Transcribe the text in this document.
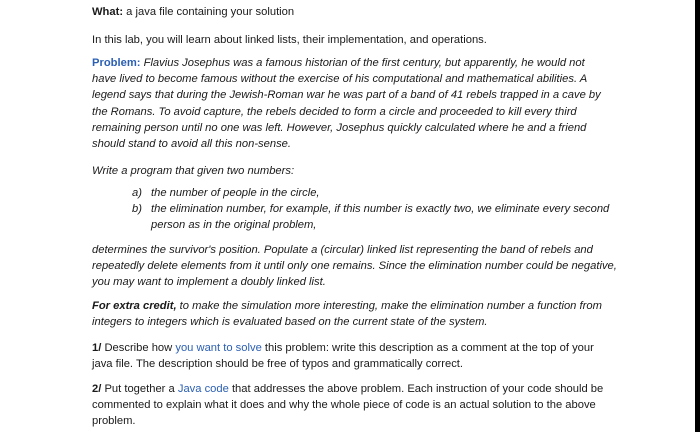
What: a java file containing your solution

In this lab, you will learn about linked lists, their implementation, and operations.

Problem: Flavius Josephus was a famous historian of the first century, but apparently, he would not have lived to become famous without the exercise of his computational and mathematical abilities. A legend says that during the Jewish-Roman war he was part of a band of 41 rebels trapped in a cave by the Romans. To avoid capture, the rebels decided to form a circle and proceeded to kill every third remaining person until no one was left. However, Josephus quickly calculated where he and a friend should stand to avoid all this non-sense.

Write a program that given two numbers:

a) the number of people in the circle,
b) the elimination number, for example, if this number is exactly two, we eliminate every second person as in the original problem,

determines the survivor's position. Populate a (circular) linked list representing the band of rebels and repeatedly delete elements from it until only one remains. Since the elimination number could be negative, you may want to implement a doubly linked list.

For extra credit, to make the simulation more interesting, make the elimination number a function from integers to integers which is evaluated based on the current state of the system.

1/ Describe how you want to solve this problem: write this description as a comment at the top of your java file. The description should be free of typos and grammatically correct.

2/ Put together a Java code that addresses the above problem. Each instruction of your code should be commented to explain what it does and why the whole piece of code is an actual solution to the above problem.
